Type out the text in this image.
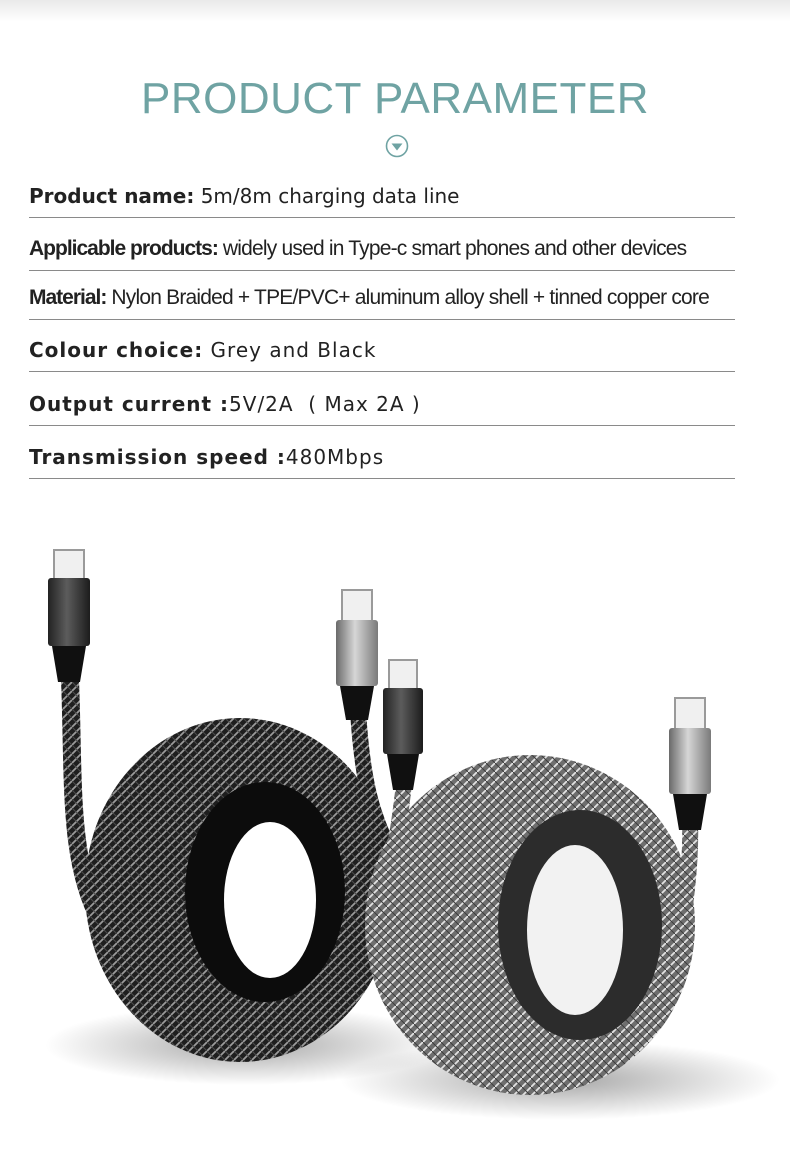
PRODUCT PARAMETER
Product name: 5m/8m charging data line
Applicable products: widely used in Type-c smart phones and other devices
Material: Nylon Braided + TPE/PVC+ aluminum alloy shell + tinned copper core
Colour choice: Grey and Black
Output current :5V/2A  ( Max 2A )
Transmission speed :480Mbps
